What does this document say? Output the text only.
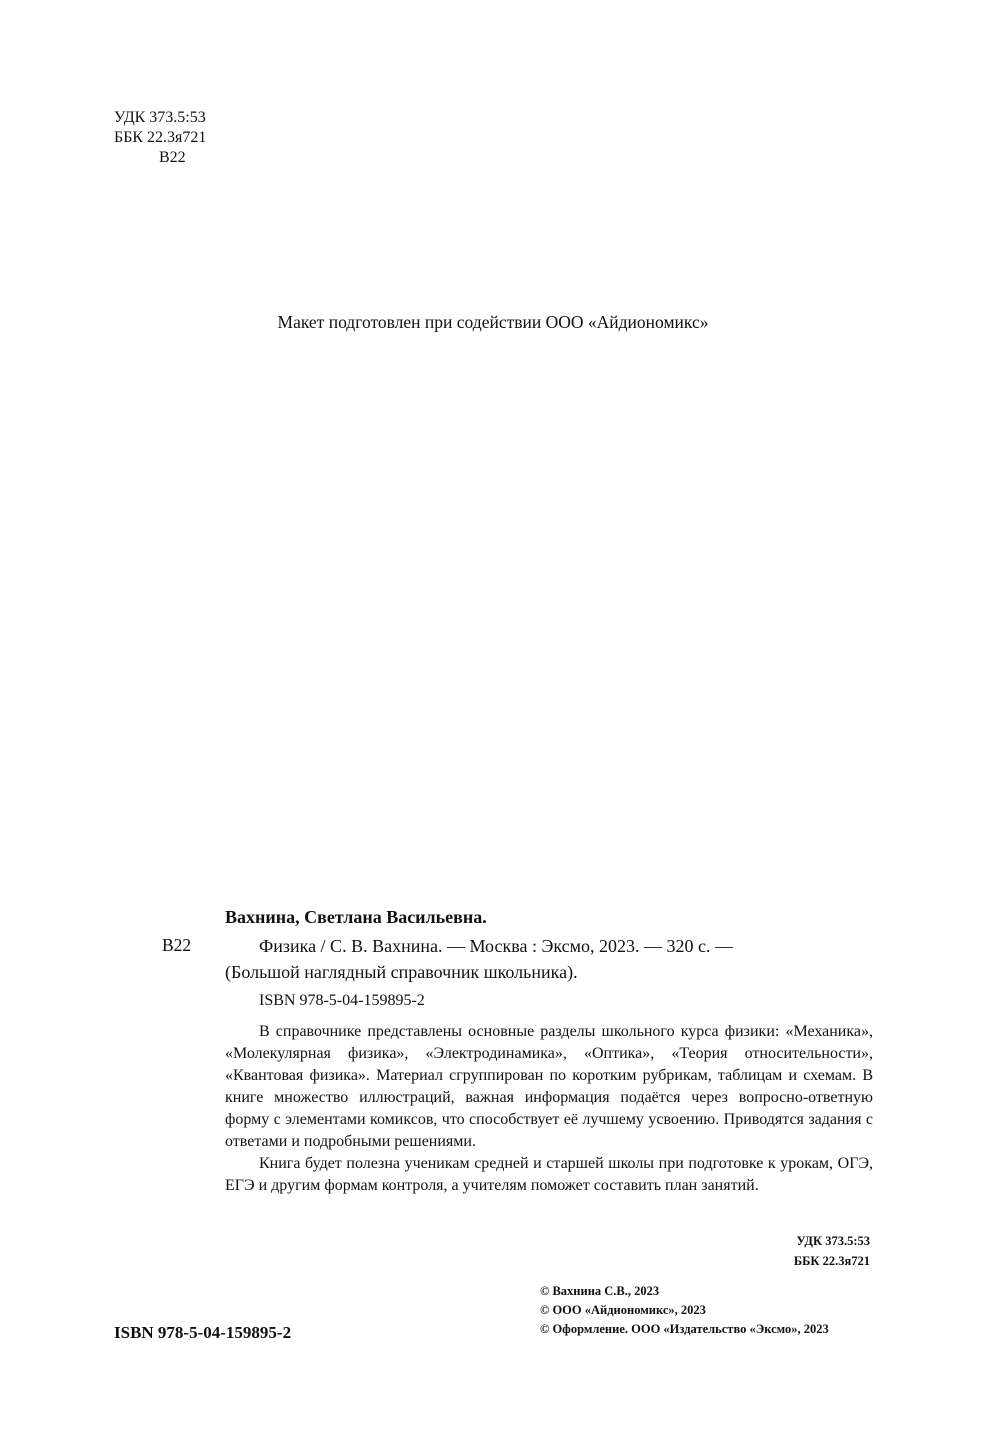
УДК 373.5:53
ББК 22.3я721
В22
Макет подготовлен при содействии ООО «Айдиономикс»
Вахнина, Светлана Васильевна.
В22	Физика / С. В. Вахнина. — Москва : Эксмо, 2023. — 320 с. —
(Большой наглядный справочник школьника).
ISBN 978-5-04-159895-2

В справочнике представлены основные разделы школьного курса физики: «Механика», «Молекулярная физика», «Электродинамика», «Оптика», «Теория относительности», «Квантовая физика». Материал сгруппирован по коротким рубрикам, таблицам и схемам. В книге множество иллюстраций, важная информация подаётся через вопросно-ответную форму с элементами комиксов, что способствует её лучшему усвоению. Приводятся задания с ответами и подробными решениями.

Книга будет полезна ученикам средней и старшей школы при подготовке к урокам, ОГЭ, ЕГЭ и другим формам контроля, а учителям поможет составить план занятий.

УДК 373.5:53
ББК 22.3я721
© Вахнина С.В., 2023
© ООО «Айдиономикс», 2023
© Оформление. ООО «Издательство «Эксмо», 2023
ISBN 978-5-04-159895-2
